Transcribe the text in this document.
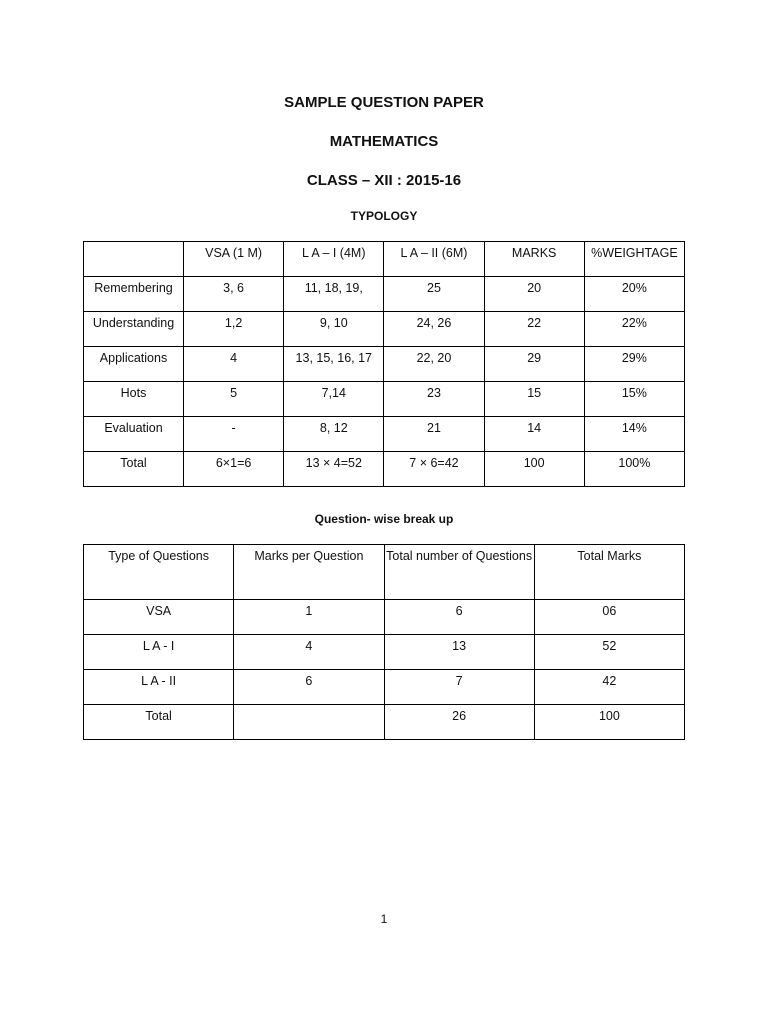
SAMPLE QUESTION PAPER
MATHEMATICS
CLASS – XII : 2015-16
TYPOLOGY
	VSA (1 M)	L A – I (4M)	L A – II (6M)	MARKS	%WEIGHTAGE
Remembering	3, 6	11, 18, 19,	25	20	20%
Understanding	1,2	9, 10	24, 26	22	22%
Applications	4	13, 15, 16, 17	22, 20	29	29%
Hots	5	7,14	23	15	15%
Evaluation	-	8, 12	21	14	14%
Total	6×1=6	13 × 4=52	7 × 6=42	100	100%
Question- wise break up
Type of Questions	Marks per Question	Total number of Questions	Total Marks
VSA	1	6	06
L A - I	4	13	52
L A - II	6	7	42
Total		26	100
1
